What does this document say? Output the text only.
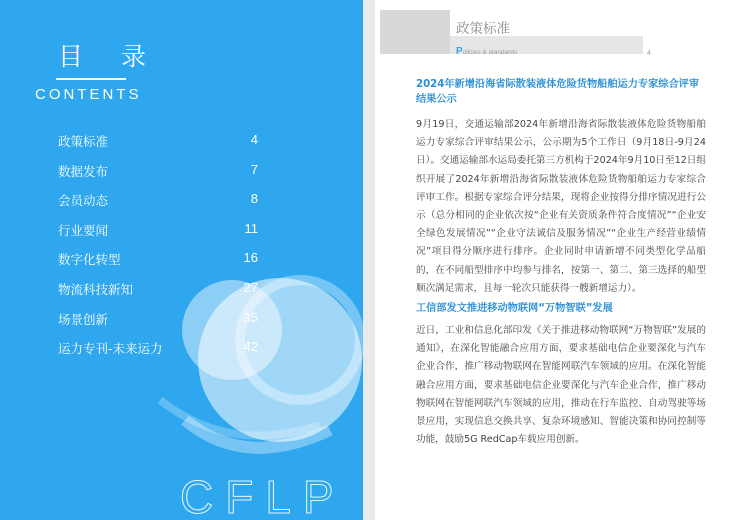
目 录
CONTENTS
政策标准	4
数据发布	7
会员动态	8
行业要闻	11
数字化转型	16
物流科技新知	27
场景创新	35
运力专刊-未来运力	42
CFLP
政策标准
Policies & standards	4
2024年新增沿海省际散装液体危险货物船舶运力专家综合评审结果公示
9月19日，交通运输部2024年新增沿海省际散装液体危险货物船舶运力专家综合评审结果公示，公示期为5个工作日（9月18日-9月24日）。交通运输部水运局委托第三方机构于2024年9月10日至12日组织开展了2024年新增沿海省际散装液体危险货物船舶运力专家综合评审工作。根据专家综合评分结果，现将企业按得分排序情况进行公示（总分相同的企业依次按“企业有关资质条件符合度情况”“企业安全绿色发展情况”“企业守法诚信及服务情况”“企业生产经营业绩情况”项目得分顺序进行排序。企业同时申请新增不同类型化学品船的，在不同船型排序中均参与排名，按第一、第二、第三选择的船型顺次满足需求，且每一轮次只能获得一艘新增运力）。
工信部发文推进移动物联网“万物智联”发展
近日，工业和信息化部印发《关于推进移动物联网“万物智联”发展的通知》，在深化智能融合应用方面，要求基础电信企业要深化与汽车企业合作，推广移动物联网在智能网联汽车领域的应用。在深化智能融合应用方面，要求基础电信企业要深化与汽车企业合作，推广移动物联网在智能网联汽车领域的应用，推动在行车监控、自动驾驶等场景应用，实现信息交换共享、复杂环境感知、智能决策和协同控制等功能，鼓励5G RedCap车载应用创新。
